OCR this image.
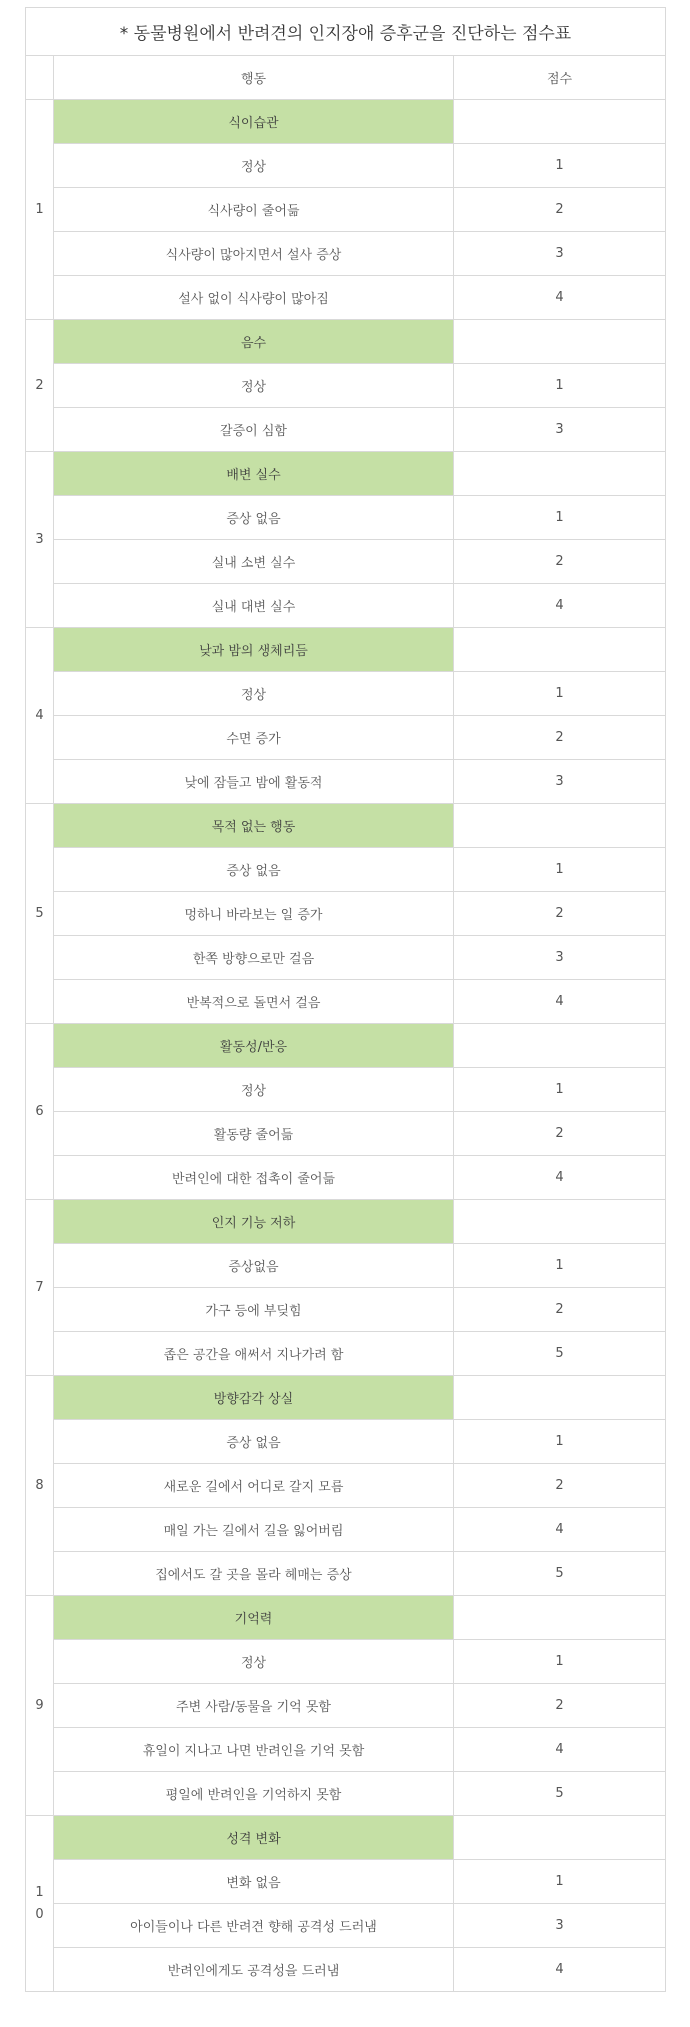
* 동물병원에서 반려견의 인지장애 증후군을 진단하는 점수표		
	행동	점수
1	식이습관	
	정상	1
	식사량이 줄어듦	2
	식사량이 많아지면서 설사 증상	3
	설사 없이 식사량이 많아짐	4
2	음수	
	정상	1
	갈증이 심함	3
3	배변 실수	
	증상 없음	1
	실내 소변 실수	2
	실내 대변 실수	4
4	낮과 밤의 생체리듬	
	정상	1
	수면 증가	2
	낮에 잠들고 밤에 활동적	3
5	목적 없는 행동	
	증상 없음	1
	멍하니 바라보는 일 증가	2
	한쪽 방향으로만 걸음	3
	반복적으로 돌면서 걸음	4
6	활동성/반응	
	정상	1
	활동량 줄어듦	2
	반려인에 대한 접촉이 줄어듦	4
7	인지 기능 저하	
	증상없음	1
	가구 등에 부딪힘	2
	좁은 공간을 애써서 지나가려 함	5
8	방향감각 상실	
	증상 없음	1
	새로운 길에서 어디로 갈지 모름	2
	매일 가는 길에서 길을 잃어버림	4
	집에서도 갈 곳을 몰라 헤매는 증상	5
9	기억력	
	정상	1
	주변 사람/동물을 기억 못함	2
	휴일이 지나고 나면 반려인을 기억 못함	4
	평일에 반려인을 기억하지 못함	5
10	성격 변화	
	변화 없음	1
	아이들이나 다른 반려견 향해 공격성 드러냄	3
	반려인에게도 공격성을 드러냄	4
